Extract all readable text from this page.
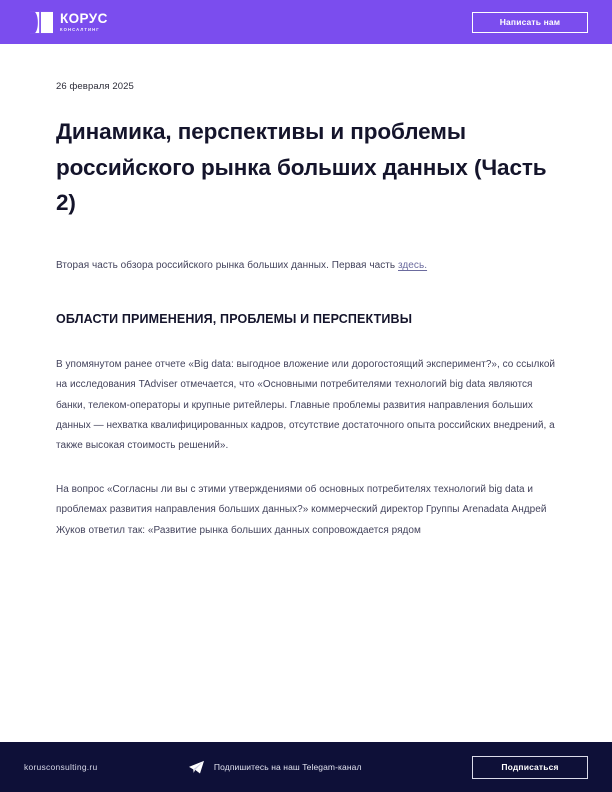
КОРУС
КОНСАЛТИНГ
Написать нам
26 февраля 2025
Динамика, перспективы и проблемы российского рынка больших данных (Часть 2)

Вторая часть обзора российского рынка больших данных. Первая часть здесь.

ОБЛАСТИ ПРИМЕНЕНИЯ, ПРОБЛЕМЫ И ПЕРСПЕКТИВЫ

В упомянутом ранее отчете «Big data: выгодное вложение или дорогостоящий эксперимент?», со ссылкой на исследования TAdviser отмечается, что «Основными потребителями технологий big data являются банки, телеком-операторы и крупные ритейлеры. Главные проблемы развития направления больших данных — нехватка квалифицированных кадров, отсутствие достаточного опыта российских внедрений, а также высокая стоимость решений».

На вопрос «Согласны ли вы с этими утверждениями об основных потребителях технологий big data и проблемах развития направления больших данных?» коммерческий директор Группы Arenadata Андрей Жуков ответил так: «Развитие рынка больших данных сопровождается рядом

korusconsulting.ru	Подпишитесь на наш Telegam-канал	Подписаться
